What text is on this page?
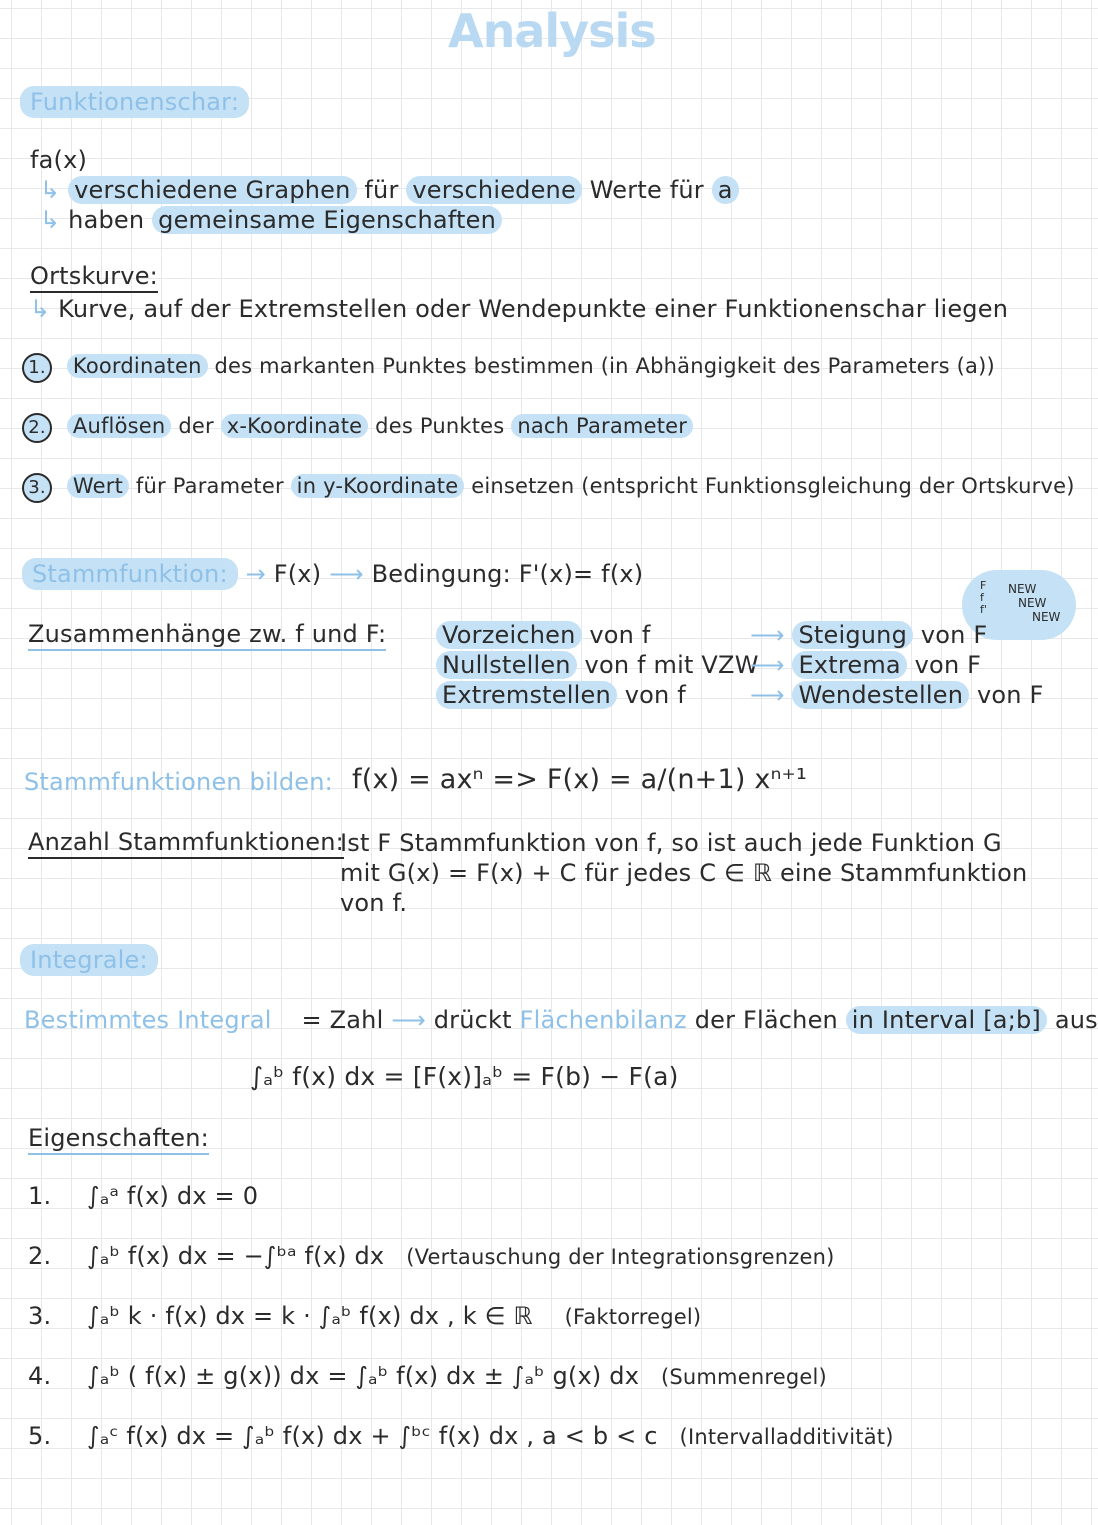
Analysis
Funktionenschar:
fa(x)
↳ verschiedene Graphen für verschiedene Werte für a
↳ haben gemeinsame Eigenschaften
Ortskurve:
↳ Kurve, auf der Extremstellen oder Wendepunkte einer Funktionenschar liegen
1. Koordinaten des markanten Punktes bestimmen (in Abhängigkeit des Parameters (a))
2. Auflösen der x-Koordinate des Punktes nach Parameter
3. Wert für Parameter in y-Koordinate einsetzen (entspricht Funktionsgleichung der Ortskurve)
Stammfunktion: → F(x) ⟶ Bedingung: F'(x)= f(x)	F
f
f'
NEW
NEW
NEW
Zusammenhänge zw. f und F: Vorzeichen von f
Nullstellen von f mit VZW
Extremstellen von f
⟶ Steigung von F
⟶ Extrema von F
⟶ Wendestellen von F
Stammfunktionen bilden: f(x) = axⁿ => F(x) = a/(n+1) xⁿ⁺¹
Anzahl Stammfunktionen:
Ist F Stammfunktion von f, so ist auch jede Funktion G
mit G(x) = F(x) + C für jedes C ∈ ℝ eine Stammfunktion
von f.
Integrale:
Bestimmtes Integral = Zahl ⟶ drückt Flächenbilanz der Flächen in Interval [a;b] aus
∫ₐᵇ f(x) dx = [F(x)]ₐᵇ = F(b) − F(a)
Eigenschaften:
1. ∫ₐᵃ f(x) dx = 0
2. ∫ₐᵇ f(x) dx = −∫ᵇᵃ f(x) dx (Vertauschung der Integrationsgrenzen)
3. ∫ₐᵇ k · f(x) dx = k · ∫ₐᵇ f(x) dx , k ∈ ℝ (Faktorregel)
4. ∫ₐᵇ ( f(x) ± g(x)) dx = ∫ₐᵇ f(x) dx ± ∫ₐᵇ g(x) dx (Summenregel)
5. ∫ₐᶜ f(x) dx = ∫ₐᵇ f(x) dx + ∫ᵇᶜ f(x) dx , a < b < c (Intervalladditivität)
